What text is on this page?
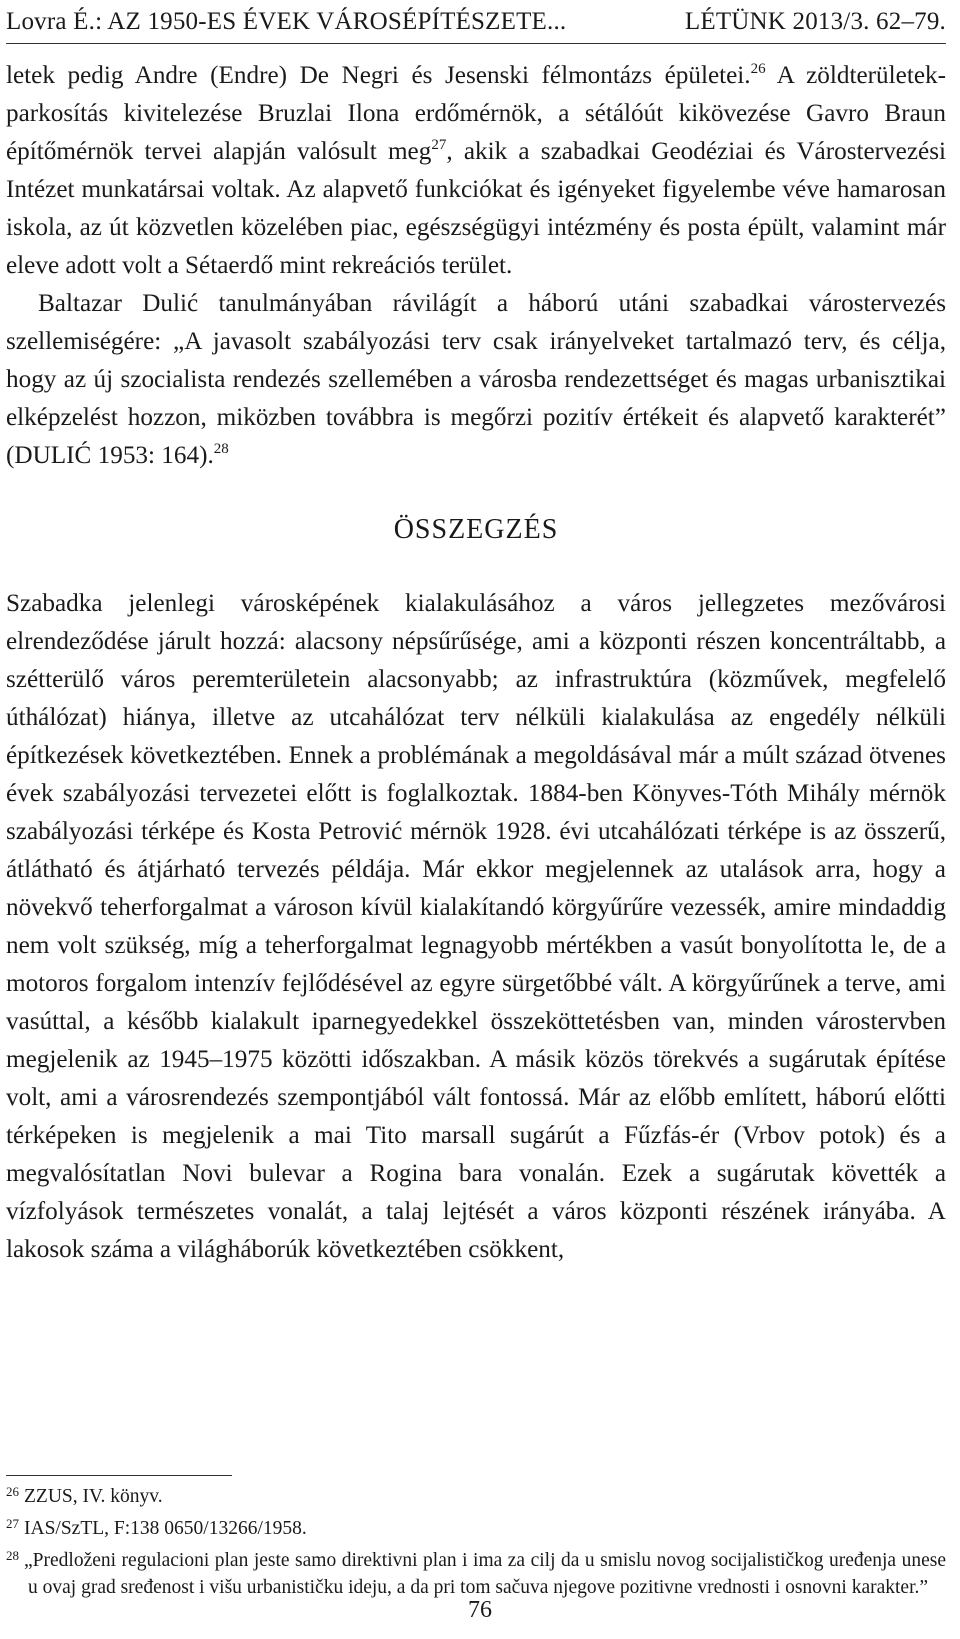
Lovra É.: AZ 1950-ES ÉVEK VÁROSÉPÍTÉSZETE...	LÉTÜNK 2013/3. 62–79.

letek pedig Andre (Endre) De Negri és Jesenski félmontázs épületei.$^{26}$ A zöldterületek-parkosítás kivitelezése Bruzlai Ilona erdőmérnök, a sétálóút kikövezése Gavro Braun építőmérnök tervei alapján valósult meg$^{27}$, akik a szabadkai Geodéziai és Várostervezési Intézet munkatársai voltak. Az alapvető funkciókat és igényeket figyelembe véve hamarosan iskola, az út közvetlen közelében piac, egészségügyi intézmény és posta épült, valamint már eleve adott volt a Sétaerdő mint rekreációs terület.

Baltazar Dulić tanulmányában rávilágít a háború utáni szabadkai várostervezés szellemiségére: „A javasolt szabályozási terv csak irányelveket tartalmazó terv, és célja, hogy az új szocialista rendezés szellemében a városba rendezettséget és magas urbanisztikai elképzelést hozzon, miközben továbbra is megőrzi pozitív értékeit és alapvető karakterét” (DULIĆ 1953: 164).$^{28}$

ÖSSZEGZÉS

Szabadka jelenlegi városképének kialakulásához a város jellegzetes mezővárosi elrendeződése járult hozzá: alacsony népsűrűsége, ami a központi részen koncentráltabb, a szétterülő város peremterületein alacsonyabb; az infrastruktúra (közművek, megfelelő úthálózat) hiánya, illetve az utcahálózat terv nélküli kialakulása az engedély nélküli építkezések következtében. Ennek a problémának a megoldásával már a múlt század ötvenes évek szabályozási tervezetei előtt is foglalkoztak. 1884-ben Könyves-Tóth Mihály mérnök szabályozási térképe és Kosta Petrović mérnök 1928. évi utcahálózati térképe is az összerű, átlátható és átjárható tervezés példája. Már ekkor megjelennek az utalások arra, hogy a növekvő teherforgalmat a városon kívül kialakítandó körgyűrűre vezessék, amire mindaddig nem volt szükség, míg a teherforgalmat legnagyobb mértékben a vasút bonyolította le, de a motoros forgalom intenzív fejlődésével az egyre sürgetőbbé vált. A körgyűrűnek a terve, ami vasúttal, a később kialakult iparnegyedekkel összeköttetésben van, minden várostervben megjelenik az 1945–1975 közötti időszakban. A másik közös törekvés a sugárutak építése volt, ami a városrendezés szempontjából vált fontossá. Már az előbb említett, háború előtti térképeken is megjelenik a mai Tito marsall sugárút a Fűzfás-ér (Vrbov potok) és a megvalósítatlan Novi bulevar a Rogina bara vonalán. Ezek a sugárutak követték a vízfolyások természetes vonalát, a talaj lejtését a város központi részének irányába. A lakosok száma a világháborúk következtében csökkent,

$^{26}$ ZZUS, IV. könyv.

$^{27}$ IAS/SzTL, F:138 0650/13266/1958.

$^{28}$ „Predloženi regulacioni plan jeste samo direktivni plan i ima za cilj da u smislu novog socijalističkog uređenja unese u ovaj grad sređenost i višu urbanističku ideju, a da pri tom sačuva njegove pozitivne vrednosti i osnovni karakter.”

76
